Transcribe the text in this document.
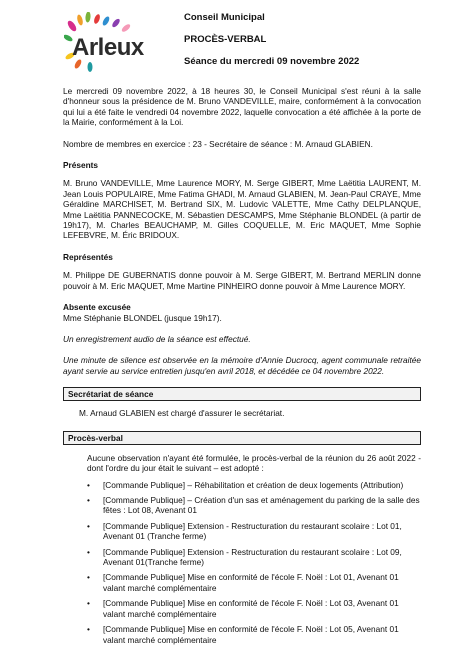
Arleux
Conseil Municipal
PROCÈS-VERBAL
Séance du mercredi 09 novembre 2022

Le mercredi 09 novembre 2022, à 18 heures 30, le Conseil Municipal s'est réuni à la salle d'honneur sous la présidence de M. Bruno VANDEVILLE, maire, conformément à la convocation qui lui a été faite le vendredi 04 novembre 2022, laquelle convocation a été affichée à la porte de la Mairie, conformément à la Loi.

Nombre de membres en exercice : 23 - Secrétaire de séance : M. Arnaud GLABIEN.

Présents

M. Bruno VANDEVILLE, Mme Laurence MORY, M. Serge GIBERT, Mme Laëtitia LAURENT, M. Jean Louis POPULAIRE, Mme Fatima GHADI, M. Arnaud GLABIEN, M. Jean-Paul CRAYE, Mme Géraldine MARCHISET, M. Bertrand SIX, M. Ludovic VALETTE, Mme Cathy DELPLANQUE, Mme Laëtitia PANNECOCKE, M. Sébastien DESCAMPS, Mme Stéphanie BLONDEL (à partir de 19h17), M. Charles BEAUCHAMP, M. Gilles COQUELLE, M. Eric MAQUET, Mme Sophie LEFEBVRE, M. Éric BRIDOUX.

Représentés

M. Philippe DE GUBERNATIS donne pouvoir à M. Serge GIBERT, M. Bertrand MERLIN donne pouvoir à M. Eric MAQUET, Mme Martine PINHEIRO donne pouvoir à Mme Laurence MORY.

Absente excusée

Mme Stéphanie BLONDEL (jusque 19h17).

Un enregistrement audio de la séance est effectué.

Une minute de silence est observée en la mémoire d'Annie Ducrocq, agent communale retraitée ayant servie au service entretien jusqu'en avril 2018, et décédée ce 04 novembre 2022.

Secrétariat de séance

M. Arnaud GLABIEN est chargé d'assurer le secrétariat.

Procès-verbal

Aucune observation n'ayant été formulée, le procès-verbal de la réunion du 26 août 2022 - dont l'ordre du jour était le suivant – est adopté :

• [Commande Publique] – Réhabilitation et création de deux logements (Attribution)
• [Commande Publique] – Création d'un sas et aménagement du parking de la salle des fêtes : Lot 08, Avenant 01
• [Commande Publique] Extension - Restructuration du restaurant scolaire : Lot 01, Avenant 01 (Tranche ferme)
• [Commande Publique] Extension - Restructuration du restaurant scolaire : Lot 09, Avenant 01(Tranche ferme)
• [Commande Publique] Mise en conformité de l'école F. Noël : Lot 01, Avenant 01 valant marché complémentaire
• [Commande Publique] Mise en conformité de l'école F. Noël : Lot 03, Avenant 01 valant marché complémentaire
• [Commande Publique] Mise en conformité de l'école F. Noël : Lot 05, Avenant 01 valant marché complémentaire
